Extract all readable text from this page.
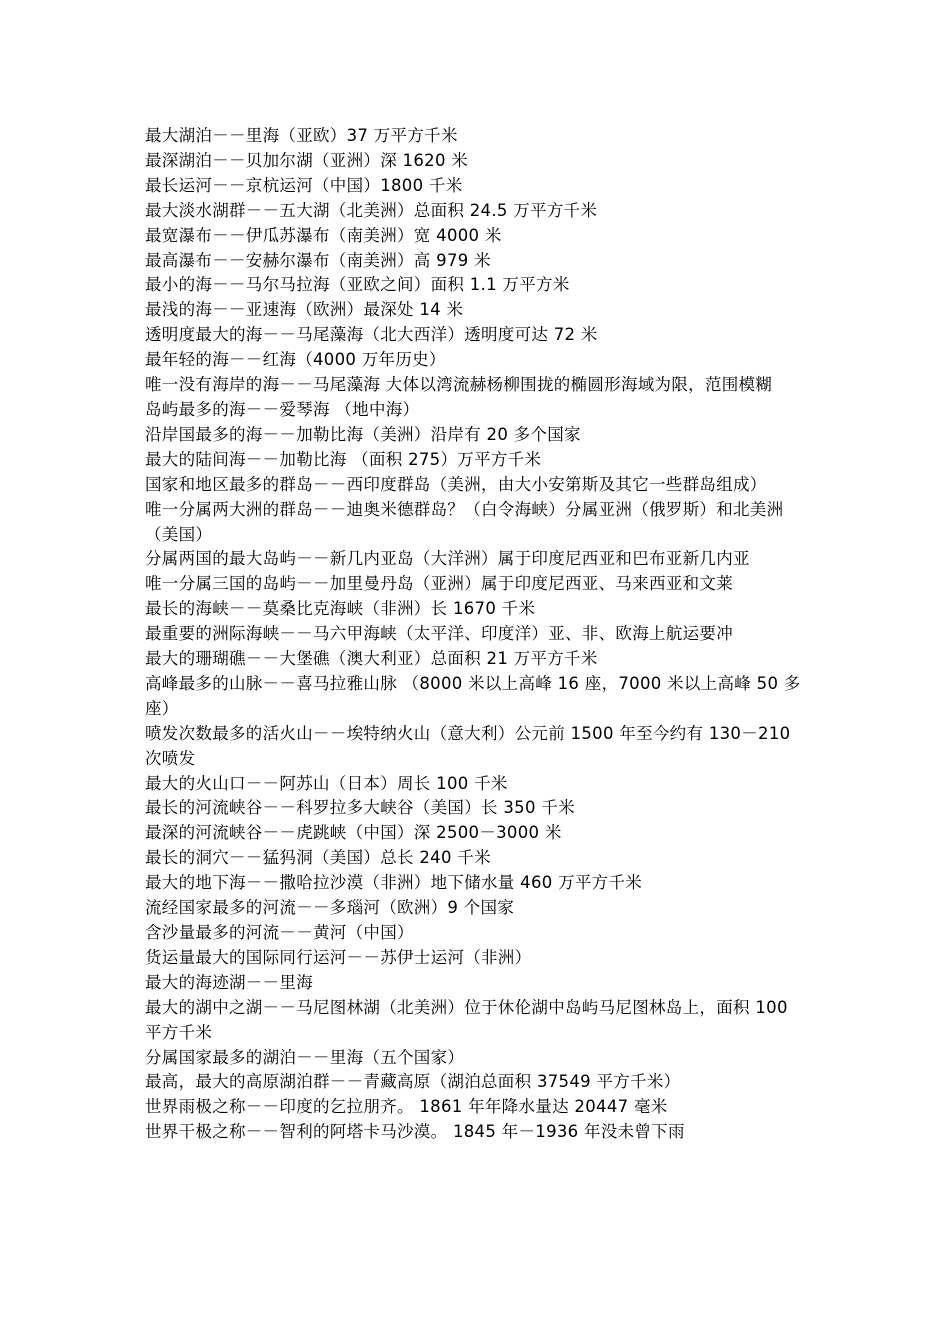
最大湖泊－－里海（亚欧）37 万平方千米

最深湖泊－－贝加尔湖（亚洲）深 1620 米

最长运河－－京杭运河（中国）1800 千米

最大淡水湖群－－五大湖（北美洲）总面积 24.5 万平方千米

最宽瀑布－－伊瓜苏瀑布（南美洲）宽 4000 米

最高瀑布－－安赫尔瀑布（南美洲）高 979 米

最小的海－－马尔马拉海（亚欧之间）面积 1.1 万平方米

最浅的海－－亚速海（欧洲）最深处 14 米

透明度最大的海－－马尾藻海（北大西洋）透明度可达 72 米

最年轻的海－－红海（4000 万年历史）

唯一没有海岸的海－－马尾藻海 大体以湾流赫杨柳围拢的椭圆形海域为限，范围模糊

岛屿最多的海－－爱琴海 （地中海）

沿岸国最多的海－－加勒比海（美洲）沿岸有 20 多个国家

最大的陆间海－－加勒比海 （面积 275）万平方千米

国家和地区最多的群岛－－西印度群岛（美洲，由大小安第斯及其它一些群岛组成）

唯一分属两大洲的群岛－－迪奥米德群岛？（白令海峡）分属亚洲（俄罗斯）和北美洲（美国）

分属两国的最大岛屿－－新几内亚岛（大洋洲）属于印度尼西亚和巴布亚新几内亚

唯一分属三国的岛屿－－加里曼丹岛（亚洲）属于印度尼西亚、马来西亚和文莱

最长的海峡－－莫桑比克海峡（非洲）长 1670 千米

最重要的洲际海峡－－马六甲海峡（太平洋、印度洋）亚、非、欧海上航运要冲

最大的珊瑚礁－－大堡礁（澳大利亚）总面积 21 万平方千米

高峰最多的山脉－－喜马拉雅山脉 （8000 米以上高峰 16 座，7000 米以上高峰 50 多座）

喷发次数最多的活火山－－埃特纳火山（意大利）公元前 1500 年至今约有 130－210 次喷发

最大的火山口－－阿苏山（日本）周长 100 千米

最长的河流峡谷－－科罗拉多大峡谷（美国）长 350 千米

最深的河流峡谷－－虎跳峡（中国）深 2500－3000 米

最长的洞穴－－猛犸洞（美国）总长 240 千米

最大的地下海－－撒哈拉沙漠（非洲）地下储水量 460 万平方千米

流经国家最多的河流－－多瑙河（欧洲）9 个国家

含沙量最多的河流－－黄河（中国）

货运量最大的国际同行运河－－苏伊士运河（非洲）

最大的海迹湖－－里海

最大的湖中之湖－－马尼图林湖（北美洲）位于休伦湖中岛屿马尼图林岛上，面积 100 平方千米

分属国家最多的湖泊－－里海（五个国家）

最高，最大的高原湖泊群－－青藏高原（湖泊总面积 37549 平方千米）

世界雨极之称－－印度的乞拉朋齐。 1861 年年降水量达 20447 毫米

世界干极之称－－智利的阿塔卡马沙漠。 1845 年－1936 年没未曾下雨
